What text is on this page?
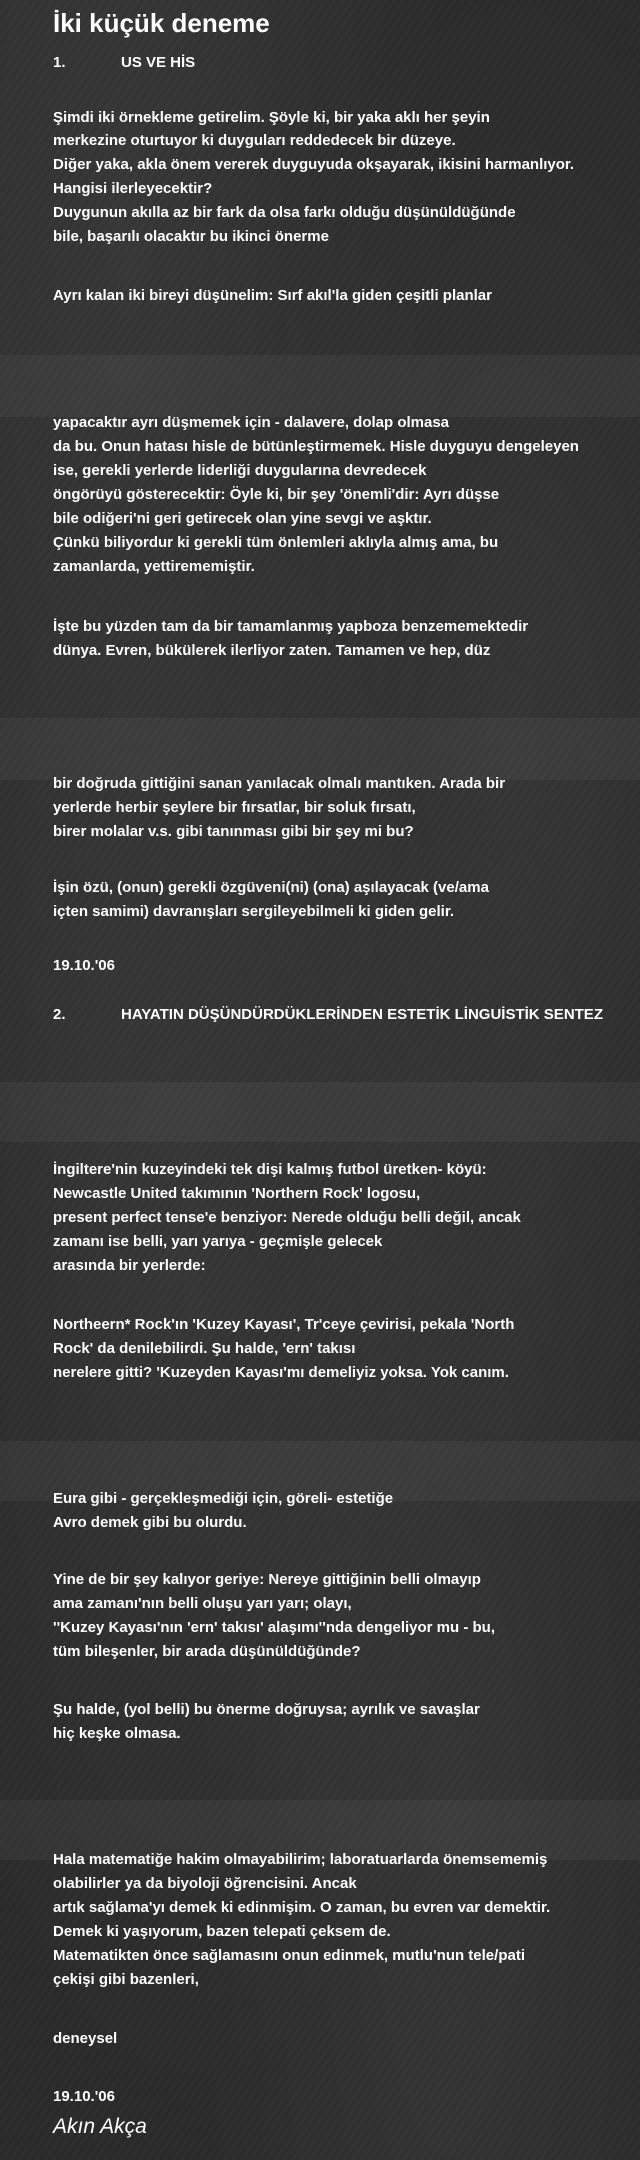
İki küçük deneme
1.	US VE HİS
Şimdi iki örnekleme getirelim. Şöyle ki, bir yaka aklı her şeyin
merkezine oturtuyor ki duyguları reddedecek bir düzeye.
Diğer yaka, akla önem vererek duyguyuda okşayarak, ikisini harmanlıyor.
Hangisi ilerleyecektir?
Duygunun akılla az bir fark da olsa farkı olduğu düşünüldüğünde
bile, başarılı olacaktır bu ikinci önerme
Ayrı kalan iki bireyi düşünelim: Sırf akıl'la giden çeşitli planlar
yapacaktır ayrı düşmemek için - dalavere, dolap olmasa
da bu. Onun hatası hisle de bütünleştirmemek. Hisle duyguyu dengeleyen
ise, gerekli yerlerde liderliği duygularına devredecek
öngörüyü gösterecektir: Öyle ki, bir şey 'önemli'dir: Ayrı düşse
bile odiğeri'ni geri getirecek olan yine sevgi ve aşktır.
Çünkü biliyordur ki gerekli tüm önlemleri aklıyla almış ama, bu
zamanlarda, yettirememiştir.
İşte bu yüzden tam da bir tamamlanmış yapboza benzememektedir
dünya. Evren, bükülerek ilerliyor zaten. Tamamen ve hep, düz
bir doğruda gittiğini sanan yanılacak olmalı mantıken. Arada bir
yerlerde herbir şeylere bir fırsatlar, bir soluk fırsatı,
birer molalar v.s. gibi tanınması gibi bir şey mi bu?
İşin özü, (onun) gerekli özgüveni(ni) (ona) aşılayacak (ve/ama
içten samimi) davranışları sergileyebilmeli ki giden gelir.
19.10.'06
2.	HAYATIN DÜŞÜNDÜRDÜKLERİNDEN ESTETİK LİNGUİSTİK SENTEZ
İngiltere'nin kuzeyindeki tek dişi kalmış futbol üretken- köyü:
Newcastle United takımının 'Northern Rock' logosu,
present perfect tense'e benziyor: Nerede olduğu belli değil, ancak
zamanı ise belli, yarı yarıya - geçmişle gelecek
arasında bir yerlerde:
Northeern* Rock'ın 'Kuzey Kayası', Tr'ceye çevirisi, pekala 'North
Rock' da denilebilirdi. Şu halde, 'ern' takısı
nerelere gitti? 'Kuzeyden Kayası'mı demeliyiz yoksa. Yok canım.
Eura gibi - gerçekleşmediği için, göreli- estetiğe
Avro demek gibi bu olurdu.
Yine de bir şey kalıyor geriye: Nereye gittiğinin belli olmayıp
ama zamanı'nın belli oluşu yarı yarı; olayı,
''Kuzey Kayası'nın 'ern' takısı' alaşımı''nda dengeliyor mu - bu,
tüm bileşenler, bir arada düşünüldüğünde?
Şu halde, (yol belli) bu önerme doğruysa; ayrılık ve savaşlar
hiç keşke olmasa.
Hala matematiğe hakim olmayabilirim; laboratuarlarda önemsememiş
olabilirler ya da biyoloji öğrencisini. Ancak
artık sağlama'yı demek ki edinmişim. O zaman, bu evren var demektir.
Demek ki yaşıyorum, bazen telepati çeksem de.
Matematikten önce sağlamasını onun edinmek, mutlu'nun tele/pati
çekişi gibi bazenleri,
deneysel
19.10.'06
Akın Akça
